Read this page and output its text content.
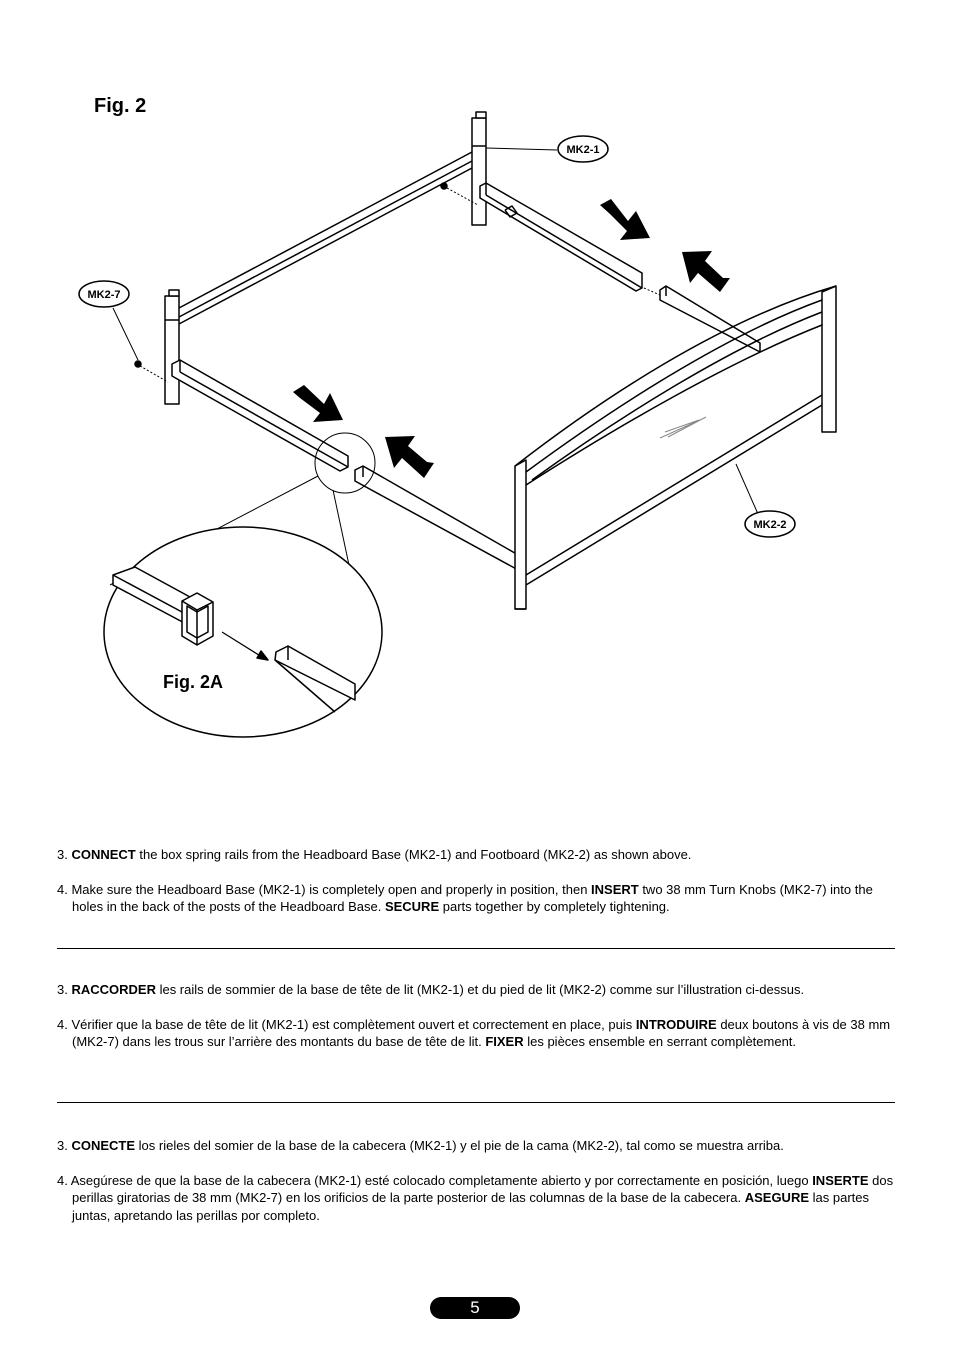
Fig. 2
MK2-1
MK2-7
MK2-2
Fig. 2A

3. CONNECT the box spring rails from the Headboard Base (MK2-1) and Footboard (MK2-2) as shown above.

4. Make sure the Headboard Base (MK2-1) is completely open and properly in position, then INSERT two 38 mm Turn Knobs (MK2-7) into the holes in the back of the posts of the Headboard Base. SECURE parts together by completely tightening.

3. RACCORDER les rails de sommier de la base de tête de lit (MK2-1) et du pied de lit (MK2-2) comme sur l’illustration ci-dessus.

4. Vérifier que la base de tête de lit (MK2-1) est complètement ouvert et correctement en place, puis INTRODUIRE deux boutons à vis de 38 mm (MK2-7) dans les trous sur l’arrière des montants du base de tête de lit. FIXER les pièces ensemble en serrant complètement.

3. CONECTE los rieles del somier de la base de la cabecera (MK2-1) y el pie de la cama (MK2-2), tal como se muestra arriba.

4. Asegúrese de que la base de la cabecera (MK2-1) esté colocado completamente abierto y por correctamente en posición, luego INSERTE dos perillas giratorias de 38 mm (MK2-7) en los orificios de la parte posterior de las columnas de la base de la cabecera. ASEGURE las partes juntas, apretando las perillas por completo.

5
